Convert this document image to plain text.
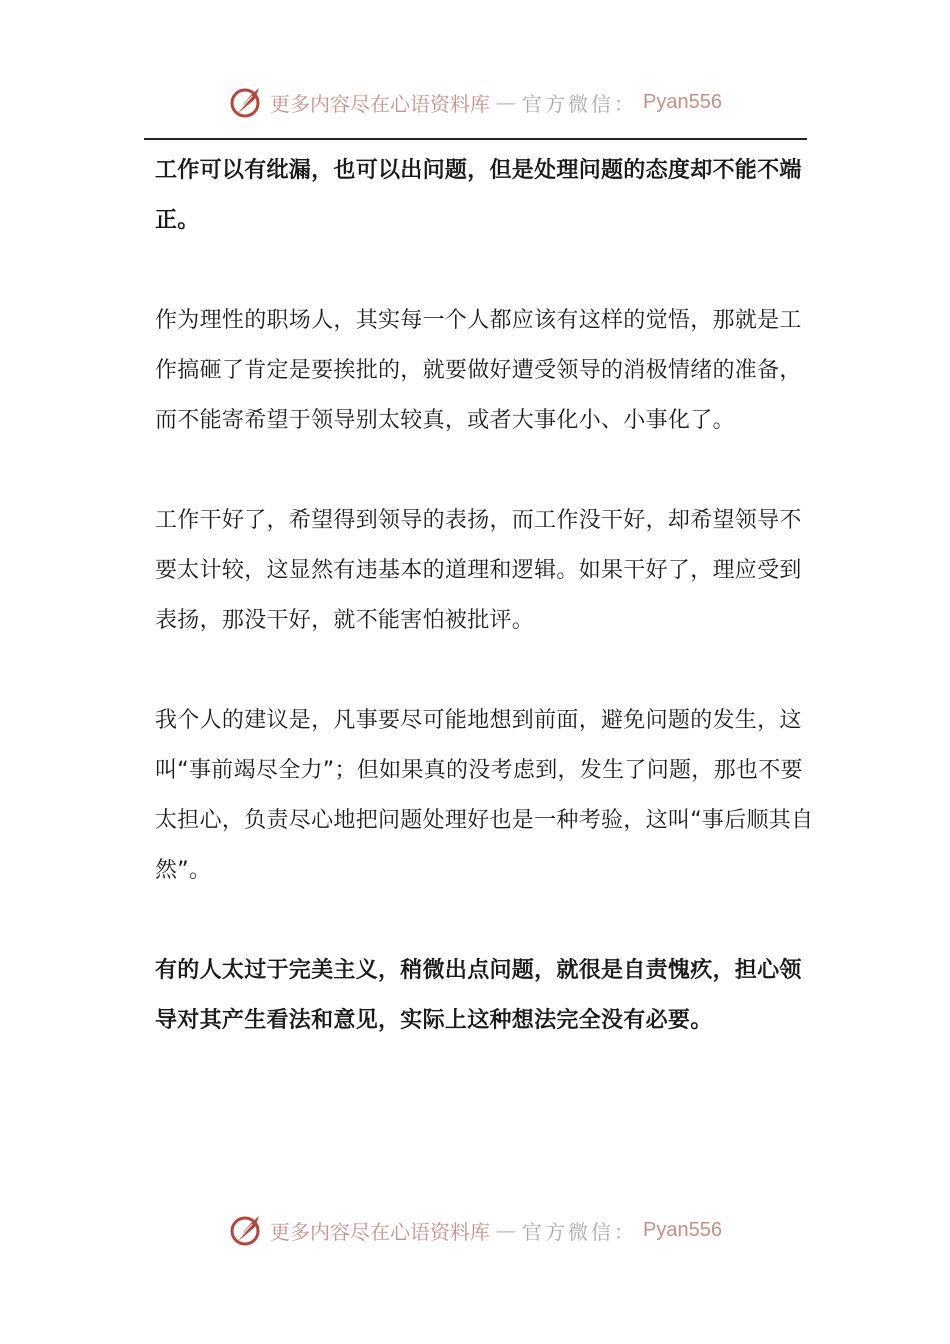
更多内容尽在心语资料库 — 官方微信： Pyan556

工作可以有纰漏，也可以出问题，但是处理问题的态度却不能不端正。

作为理性的职场人，其实每一个人都应该有这样的觉悟，那就是工作搞砸了肯定是要挨批的，就要做好遭受领导的消极情绪的准备，而不能寄希望于领导别太较真，或者大事化小、小事化了。

工作干好了，希望得到领导的表扬，而工作没干好，却希望领导不要太计较，这显然有违基本的道理和逻辑。如果干好了，理应受到表扬，那没干好，就不能害怕被批评。

我个人的建议是，凡事要尽可能地想到前面，避免问题的发生，这叫“事前竭尽全力”；但如果真的没考虑到，发生了问题，那也不要太担心，负责尽心地把问题处理好也是一种考验，这叫“事后顺其自然”。

有的人太过于完美主义，稍微出点问题，就很是自责愧疚，担心领导对其产生看法和意见，实际上这种想法完全没有必要。

更多内容尽在心语资料库 — 官方微信： Pyan556
